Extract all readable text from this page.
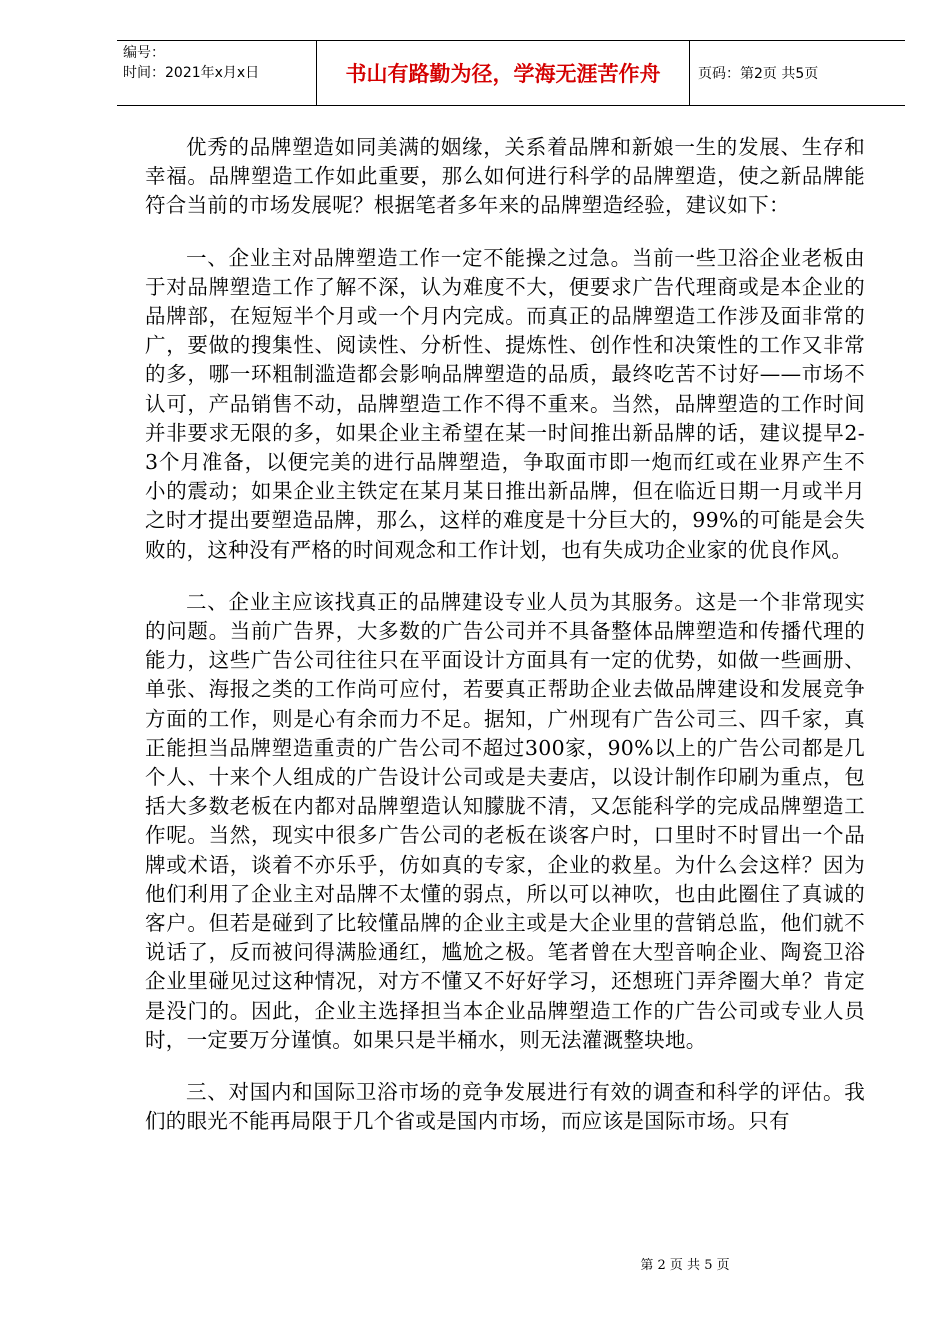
编号：
时间：2021年x月x日	书山有路勤为径，学海无涯苦作舟	页码：第2页 共5页

优秀的品牌塑造如同美满的姻缘，关系着品牌和新娘一生的发展、生存和幸福。品牌塑造工作如此重要，那么如何进行科学的品牌塑造，使之新品牌能符合当前的市场发展呢？根据笔者多年来的品牌塑造经验，建议如下：

一、企业主对品牌塑造工作一定不能操之过急。当前一些卫浴企业老板由于对品牌塑造工作了解不深，认为难度不大，便要求广告代理商或是本企业的品牌部，在短短半个月或一个月内完成。而真正的品牌塑造工作涉及面非常的广，要做的搜集性、阅读性、分析性、提炼性、创作性和决策性的工作又非常的多，哪一环粗制滥造都会影响品牌塑造的品质，最终吃苦不讨好——市场不认可，产品销售不动，品牌塑造工作不得不重来。当然，品牌塑造的工作时间并非要求无限的多，如果企业主希望在某一时间推出新品牌的话，建议提早2-3个月准备，以便完美的进行品牌塑造，争取面市即一炮而红或在业界产生不小的震动；如果企业主铁定在某月某日推出新品牌，但在临近日期一月或半月之时才提出要塑造品牌，那么，这样的难度是十分巨大的，99%的可能是会失败的，这种没有严格的时间观念和工作计划，也有失成功企业家的优良作风。

二、企业主应该找真正的品牌建设专业人员为其服务。这是一个非常现实的问题。当前广告界，大多数的广告公司并不具备整体品牌塑造和传播代理的能力，这些广告公司往往只在平面设计方面具有一定的优势，如做一些画册、单张、海报之类的工作尚可应付，若要真正帮助企业去做品牌建设和发展竞争方面的工作，则是心有余而力不足。据知，广州现有广告公司三、四千家，真正能担当品牌塑造重责的广告公司不超过300家，90%以上的广告公司都是几个人、十来个人组成的广告设计公司或是夫妻店，以设计制作印刷为重点，包括大多数老板在内都对品牌塑造认知朦胧不清，又怎能科学的完成品牌塑造工作呢。当然，现实中很多广告公司的老板在谈客户时，口里时不时冒出一个品牌或术语，谈着不亦乐乎，仿如真的专家，企业的救星。为什么会这样？因为他们利用了企业主对品牌不太懂的弱点，所以可以神吹，也由此圈住了真诚的客户。但若是碰到了比较懂品牌的企业主或是大企业里的营销总监，他们就不说话了，反而被问得满脸通红，尴尬之极。笔者曾在大型音响企业、陶瓷卫浴企业里碰见过这种情况，对方不懂又不好好学习，还想班门弄斧圈大单？肯定是没门的。因此，企业主选择担当本企业品牌塑造工作的广告公司或专业人员时，一定要万分谨慎。如果只是半桶水，则无法灌溉整块地。

三、对国内和国际卫浴市场的竞争发展进行有效的调查和科学的评估。我们的眼光不能再局限于几个省或是国内市场，而应该是国际市场。只有

第 2 页 共 5 页
